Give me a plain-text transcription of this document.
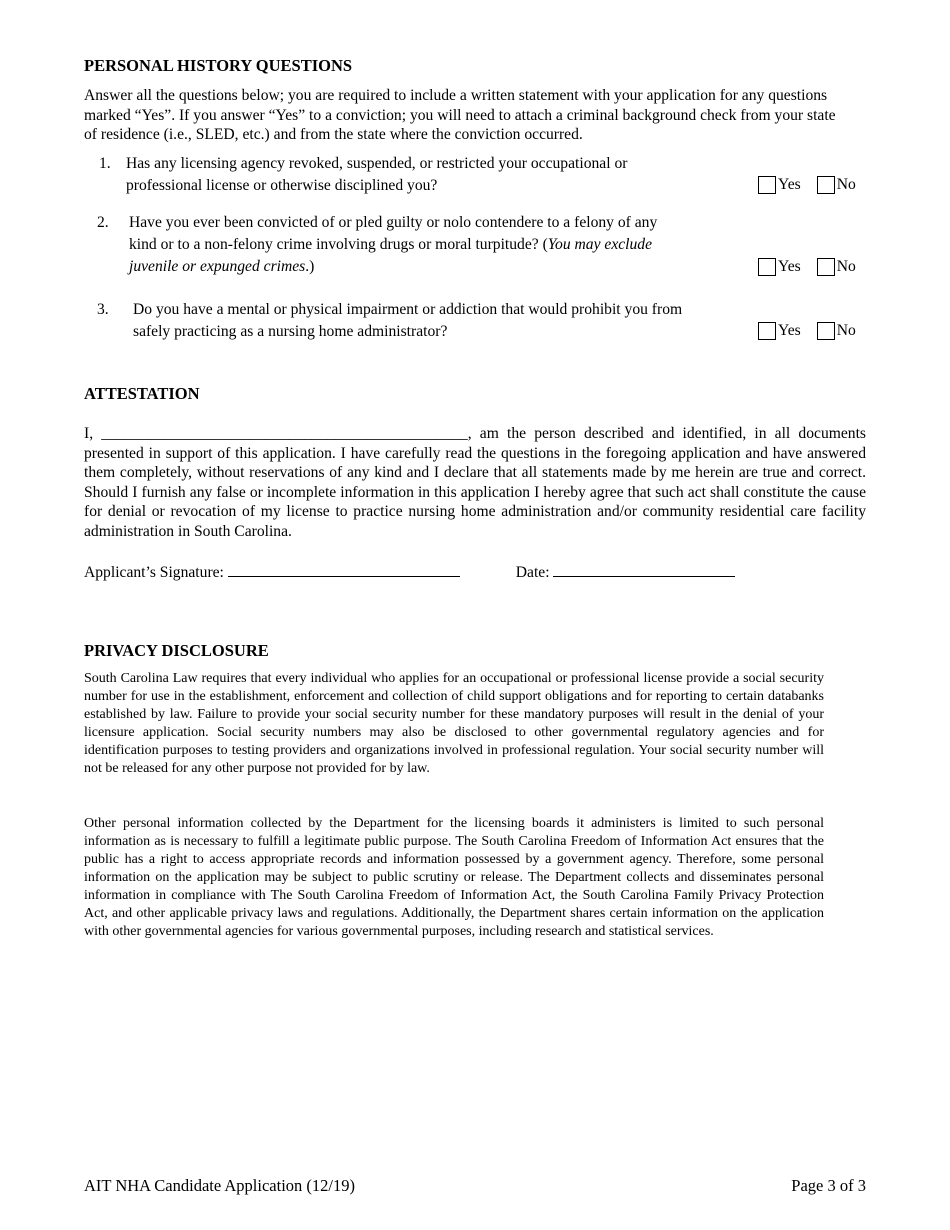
PERSONAL HISTORY QUESTIONS
Answer all the questions below; you are required to include a written statement with your application for any questions marked “Yes”. If you answer “Yes” to a conviction; you will need to attach a criminal background check from your state of residence (i.e., SLED, etc.) and from the state where the conviction occurred.
1. Has any licensing agency revoked, suspended, or restricted your occupational or
professional license or otherwise disciplined you?	Yes No
2. Have you ever been convicted of or pled guilty or nolo contendere to a felony of any
kind or to a non-felony crime involving drugs or moral turpitude? (You may exclude
juvenile or expunged crimes.)	Yes No
3. Do you have a mental or physical impairment or addiction that would prohibit you from
safely practicing as a nursing home administrator?	Yes No
ATTESTATION
I, _______________________________________________, am the person described and identified, in all documents presented in support of this application. I have carefully read the questions in the foregoing application and have answered them completely, without reservations of any kind and I declare that all statements made by me herein are true and correct. Should I furnish any false or incomplete information in this application I hereby agree that such act shall constitute the cause for denial or revocation of my license to practice nursing home administration and/or community residential care facility administration in South Carolina.
Applicant’s Signature:	Date:
PRIVACY DISCLOSURE
South Carolina Law requires that every individual who applies for an occupational or professional license provide a social security number for use in the establishment, enforcement and collection of child support obligations and for reporting to certain databanks established by law. Failure to provide your social security number for these mandatory purposes will result in the denial of your licensure application. Social security numbers may also be disclosed to other governmental regulatory agencies and for identification purposes to testing providers and organizations involved in professional regulation. Your social security number will not be released for any other purpose not provided for by law.
Other personal information collected by the Department for the licensing boards it administers is limited to such personal information as is necessary to fulfill a legitimate public purpose. The South Carolina Freedom of Information Act ensures that the public has a right to access appropriate records and information possessed by a government agency. Therefore, some personal information on the application may be subject to public scrutiny or release. The Department collects and disseminates personal information in compliance with The South Carolina Freedom of Information Act, the South Carolina Family Privacy Protection Act, and other applicable privacy laws and regulations. Additionally, the Department shares certain information on the application with other governmental agencies for various governmental purposes, including research and statistical services.
AIT NHA Candidate Application (12/19)	Page 3 of 3
